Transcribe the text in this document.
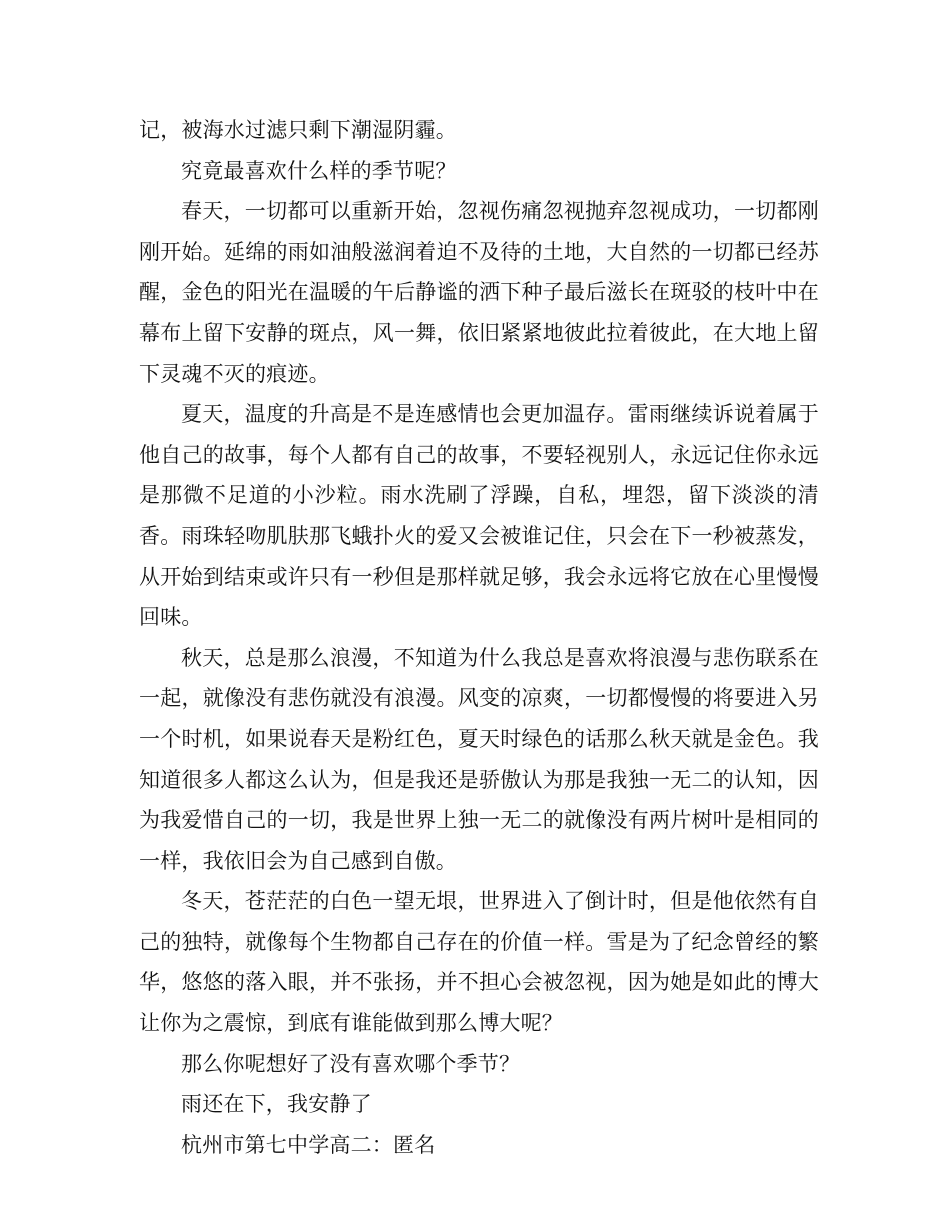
记，被海水过滤只剩下潮湿阴霾。

究竟最喜欢什么样的季节呢？

春天，一切都可以重新开始，忽视伤痛忽视抛弃忽视成功，一切都刚刚开始。延绵的雨如油般滋润着迫不及待的土地，大自然的一切都已经苏醒，金色的阳光在温暖的午后静谧的洒下种子最后滋长在斑驳的枝叶中在幕布上留下安静的斑点，风一舞，依旧紧紧地彼此拉着彼此，在大地上留下灵魂不灭的痕迹。

夏天，温度的升高是不是连感情也会更加温存。雷雨继续诉说着属于他自己的故事，每个人都有自己的故事，不要轻视别人，永远记住你永远是那微不足道的小沙粒。雨水洗刷了浮躁，自私，埋怨，留下淡淡的清香。雨珠轻吻肌肤那飞蛾扑火的爱又会被谁记住，只会在下一秒被蒸发，从开始到结束或许只有一秒但是那样就足够，我会永远将它放在心里慢慢回味。

秋天，总是那么浪漫，不知道为什么我总是喜欢将浪漫与悲伤联系在一起，就像没有悲伤就没有浪漫。风变的凉爽，一切都慢慢的将要进入另一个时机，如果说春天是粉红色，夏天时绿色的话那么秋天就是金色。我知道很多人都这么认为，但是我还是骄傲认为那是我独一无二的认知，因为我爱惜自己的一切，我是世界上独一无二的就像没有两片树叶是相同的一样，我依旧会为自己感到自傲。

冬天，苍茫茫的白色一望无垠，世界进入了倒计时，但是他依然有自己的独特，就像每个生物都自己存在的价值一样。雪是为了纪念曾经的繁华，悠悠的落入眼，并不张扬，并不担心会被忽视，因为她是如此的博大让你为之震惊，到底有谁能做到那么博大呢？

那么你呢想好了没有喜欢哪个季节？

雨还在下，我安静了

杭州市第七中学高二：匿名
